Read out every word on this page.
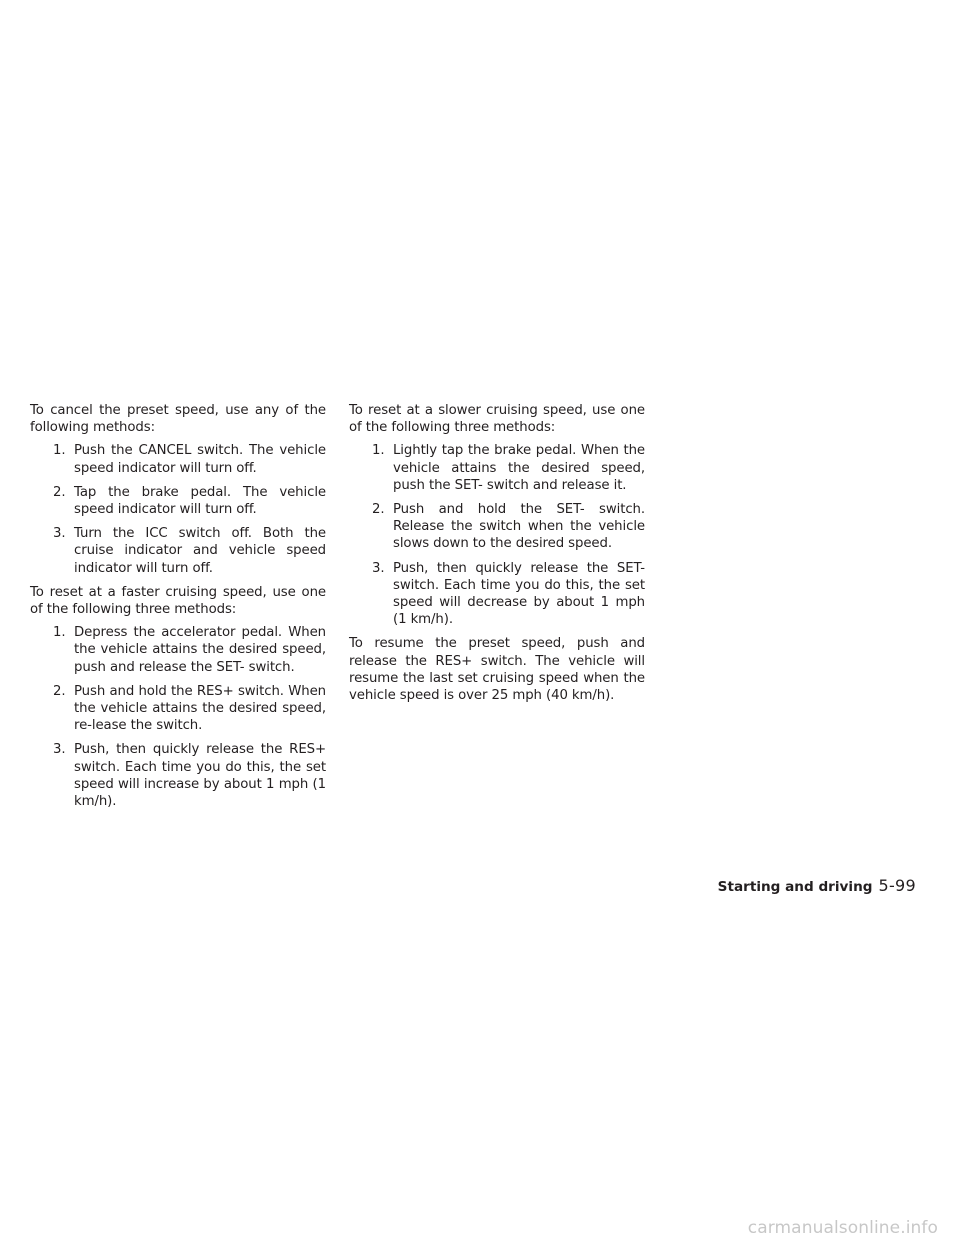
To cancel the preset speed, use any of the following methods:

1. Push the CANCEL switch. The vehicle speed indicator will turn off.
2. Tap the brake pedal. The vehicle speed indicator will turn off.
3. Turn the ICC switch off. Both the cruise indicator and vehicle speed indicator will turn off.

To reset at a faster cruising speed, use one of the following three methods:

1. Depress the accelerator pedal. When the vehicle attains the desired speed, push and release the SET- switch.
2. Push and hold the RES+ switch. When the vehicle attains the desired speed, re-lease the switch.
3. Push, then quickly release the RES+ switch. Each time you do this, the set speed will increase by about 1 mph (1 km/h).

To reset at a slower cruising speed, use one of the following three methods:

1. Lightly tap the brake pedal. When the vehicle attains the desired speed, push the SET- switch and release it.
2. Push and hold the SET- switch. Release the switch when the vehicle slows down to the desired speed.
3. Push, then quickly release the SET- switch. Each time you do this, the set speed will decrease by about 1 mph (1 km/h).

To resume the preset speed, push and release the RES+ switch. The vehicle will resume the last set cruising speed when the vehicle speed is over 25 mph (40 km/h).

Starting and driving 5-99
carmanualsonline.info
